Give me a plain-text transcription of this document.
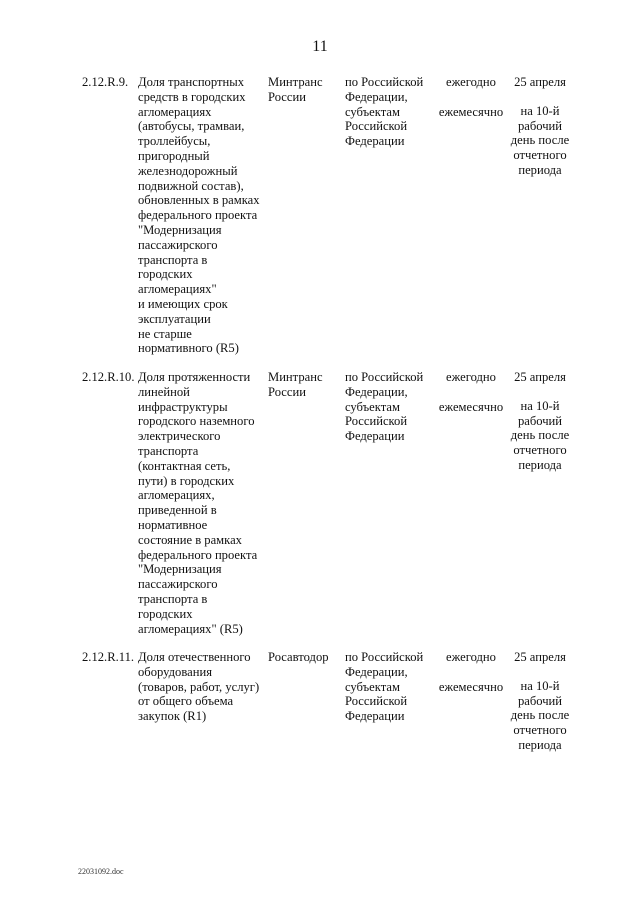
11
2.12.R.9. Доля транспортных
средств в городских
агломерациях
(автобусы, трамваи,
троллейбусы,
пригородный
железнодорожный
подвижной состав),
обновленных в рамках
федерального проекта
"Модернизация
пассажирского
транспорта в
городских
агломерациях"
и имеющих срок
эксплуатации
не старше
нормативного (R5)
Минтранс
России
по Российской
Федерации,
субъектам
Российской
Федерации
ежегодно
ежемесячно
25 апреля
на 10-й
рабочий
день после
отчетного
периода
2.12.R.10. Доля протяженности
линейной
инфраструктуры
городского наземного
электрического
транспорта
(контактная сеть,
пути) в городских
агломерациях,
приведенной в
нормативное
состояние в рамках
федерального проекта
"Модернизация
пассажирского
транспорта в
городских
агломерациях" (R5)
Минтранс
России
по Российской
Федерации,
субъектам
Российской
Федерации
ежегодно
ежемесячно
25 апреля
на 10-й
рабочий
день после
отчетного
периода
2.12.R.11. Доля отечественного
оборудования
(товаров, работ, услуг)
от общего объема
закупок (R1)
Росавтодор	по Российской
Федерации,
субъектам
Российской
Федерации
ежегодно
ежемесячно
25 апреля
на 10-й
рабочий
день после
отчетного
периода
22031092.doc
